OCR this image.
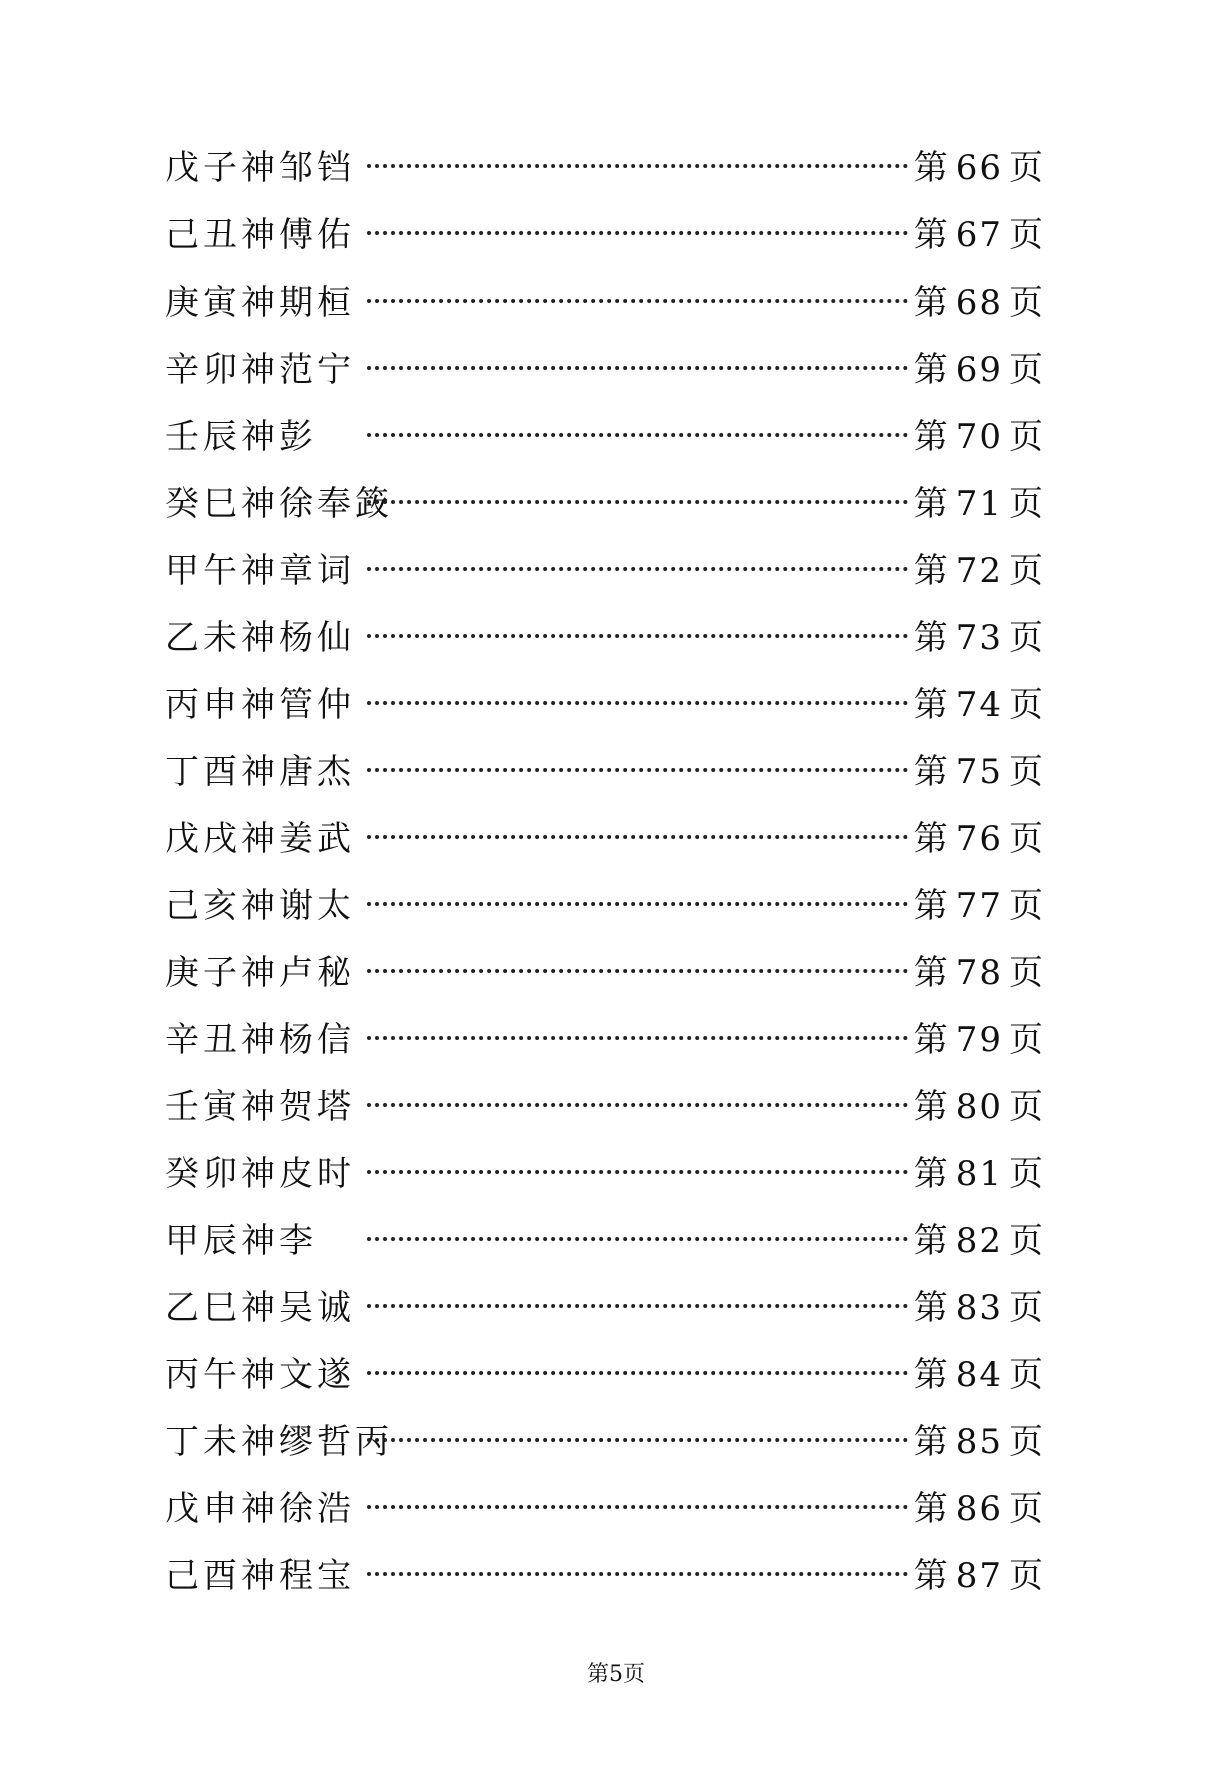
戊子神邹铛	第 66 页
己丑神傅佑	第 67 页
庚寅神期桓	第 68 页
辛卯神范宁	第 69 页
壬辰神彭	第 70 页
癸巳神徐奉䈣	第 71 页
甲午神章词	第 72 页
乙未神杨仙	第 73 页
丙申神管仲	第 74 页
丁酉神唐杰	第 75 页
戊戌神姜武	第 76 页
己亥神谢太	第 77 页
庚子神卢秘	第 78 页
辛丑神杨信	第 79 页
壬寅神贺塔	第 80 页
癸卯神皮时	第 81 页
甲辰神李	第 82 页
乙巳神吴诚	第 83 页
丙午神文遂	第 84 页
丁未神缪哲丙	第 85 页
戊申神徐浩	第 86 页
己酉神程宝	第 87 页
第5页
